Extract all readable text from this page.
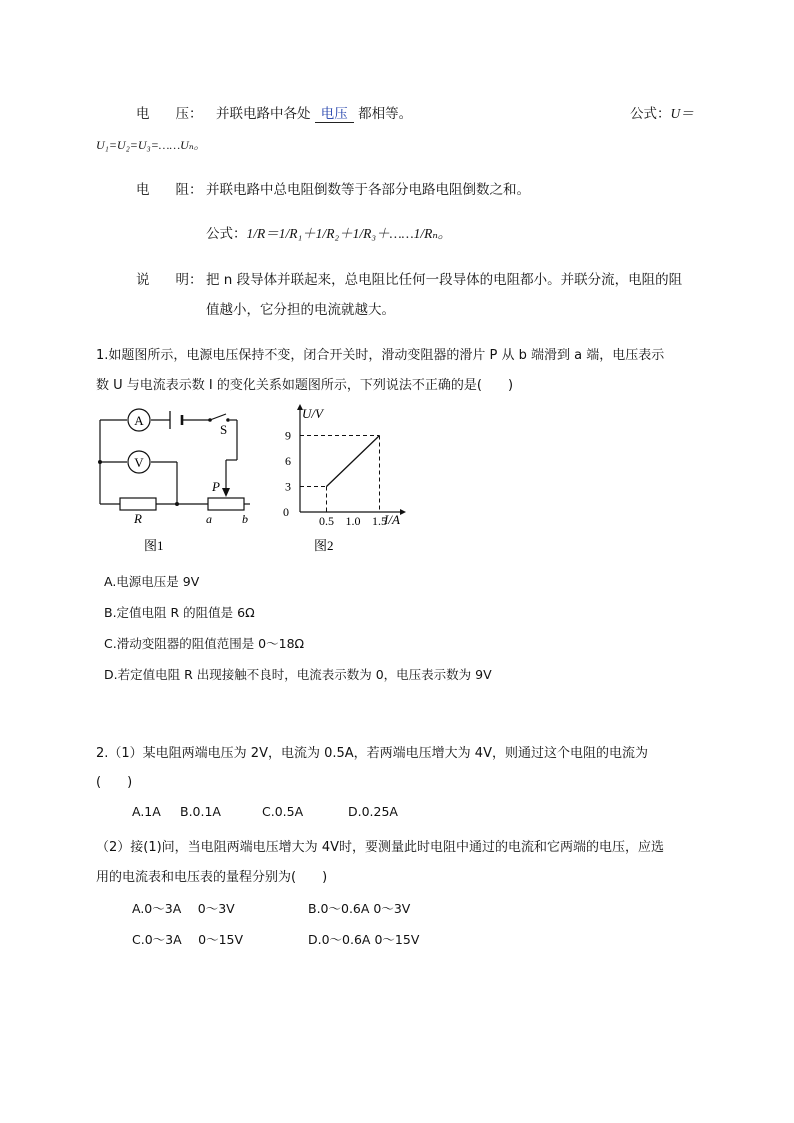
电 压： 并联电路中各处 电压 都相等。	公式：U＝
U₁=U₂=U₃=……Uₙ。
电 阻： 并联电路中总电阻倒数等于各部分电路电阻倒数之和。
公式：1/R＝1/R₁＋1/R₂＋1/R₃＋……1/Rₙ。
说 明： 把 n 段导体并联起来，总电阻比任何一段导体的电阻都小。并联分流，电阻的阻
值越小，它分担的电流就越大。
1.如题图所示，电源电压保持不变，闭合开关时，滑动变阻器的滑片 P 从 b 端滑到 a 端，电压表示
数 U 与电流表示数 I 的变化关系如题图所示，下列说法不正确的是(　　)
A
S
V
R
P
a	b
图1
U/V
I/A
0
0.5 1.0 1.5
3
6
9
图2
A.电源电压是 9V
B.定值电阻 R 的阻值是 6Ω
C.滑动变阻器的阻值范围是 0～18Ω
D.若定值电阻 R 出现接触不良时，电流表示数为 0，电压表示数为 9V
2.（1）某电阻两端电压为 2V，电流为 0.5A，若两端电压增大为 4V，则通过这个电阻的电流为
(　　)
A.1A B.0.1A	C.0.5A	D.0.25A
（2）接(1)问，当电阻两端电压增大为 4V时，要测量此时电阻中通过的电流和它两端的电压，应选
用的电流表和电压表的量程分别为(　　)
A.0～3A　 0～3V	B.0～0.6A 0～3V
C.0～3A　 0～15V	D.0～0.6A 0～15V
